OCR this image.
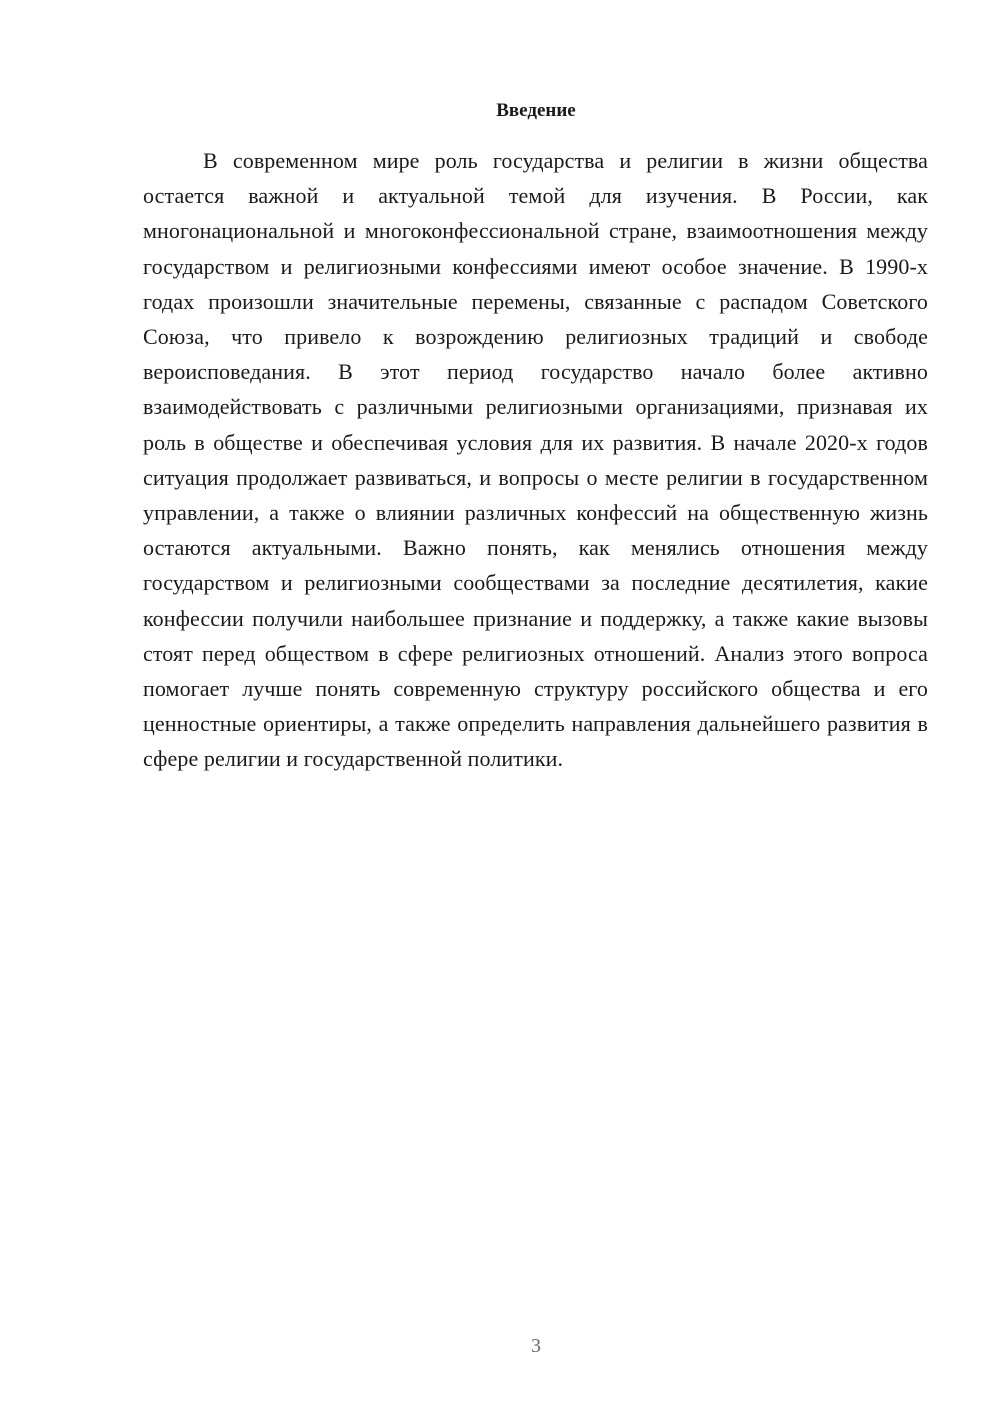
Введение

В современном мире роль государства и религии в жизни общества остается важной и актуальной темой для изучения. В России, как многонациональной и многоконфессиональной стране, взаимоотношения между государством и религиозными конфессиями имеют особое значение. В 1990-х годах произошли значительные перемены, связанные с распадом Советского Союза, что привело к возрождению религиозных традиций и свободе вероисповедания. В этот период государство начало более активно взаимодействовать с различными религиозными организациями, признавая их роль в обществе и обеспечивая условия для их развития. В начале 2020-х годов ситуация продолжает развиваться, и вопросы о месте религии в государственном управлении, а также о влиянии различных конфессий на общественную жизнь остаются актуальными. Важно понять, как менялись отношения между государством и религиозными сообществами за последние десятилетия, какие конфессии получили наибольшее признание и поддержку, а также какие вызовы стоят перед обществом в сфере религиозных отношений. Анализ этого вопроса помогает лучше понять современную структуру российского общества и его ценностные ориентиры, а также определить направления дальнейшего развития в сфере религии и государственной политики.

3
